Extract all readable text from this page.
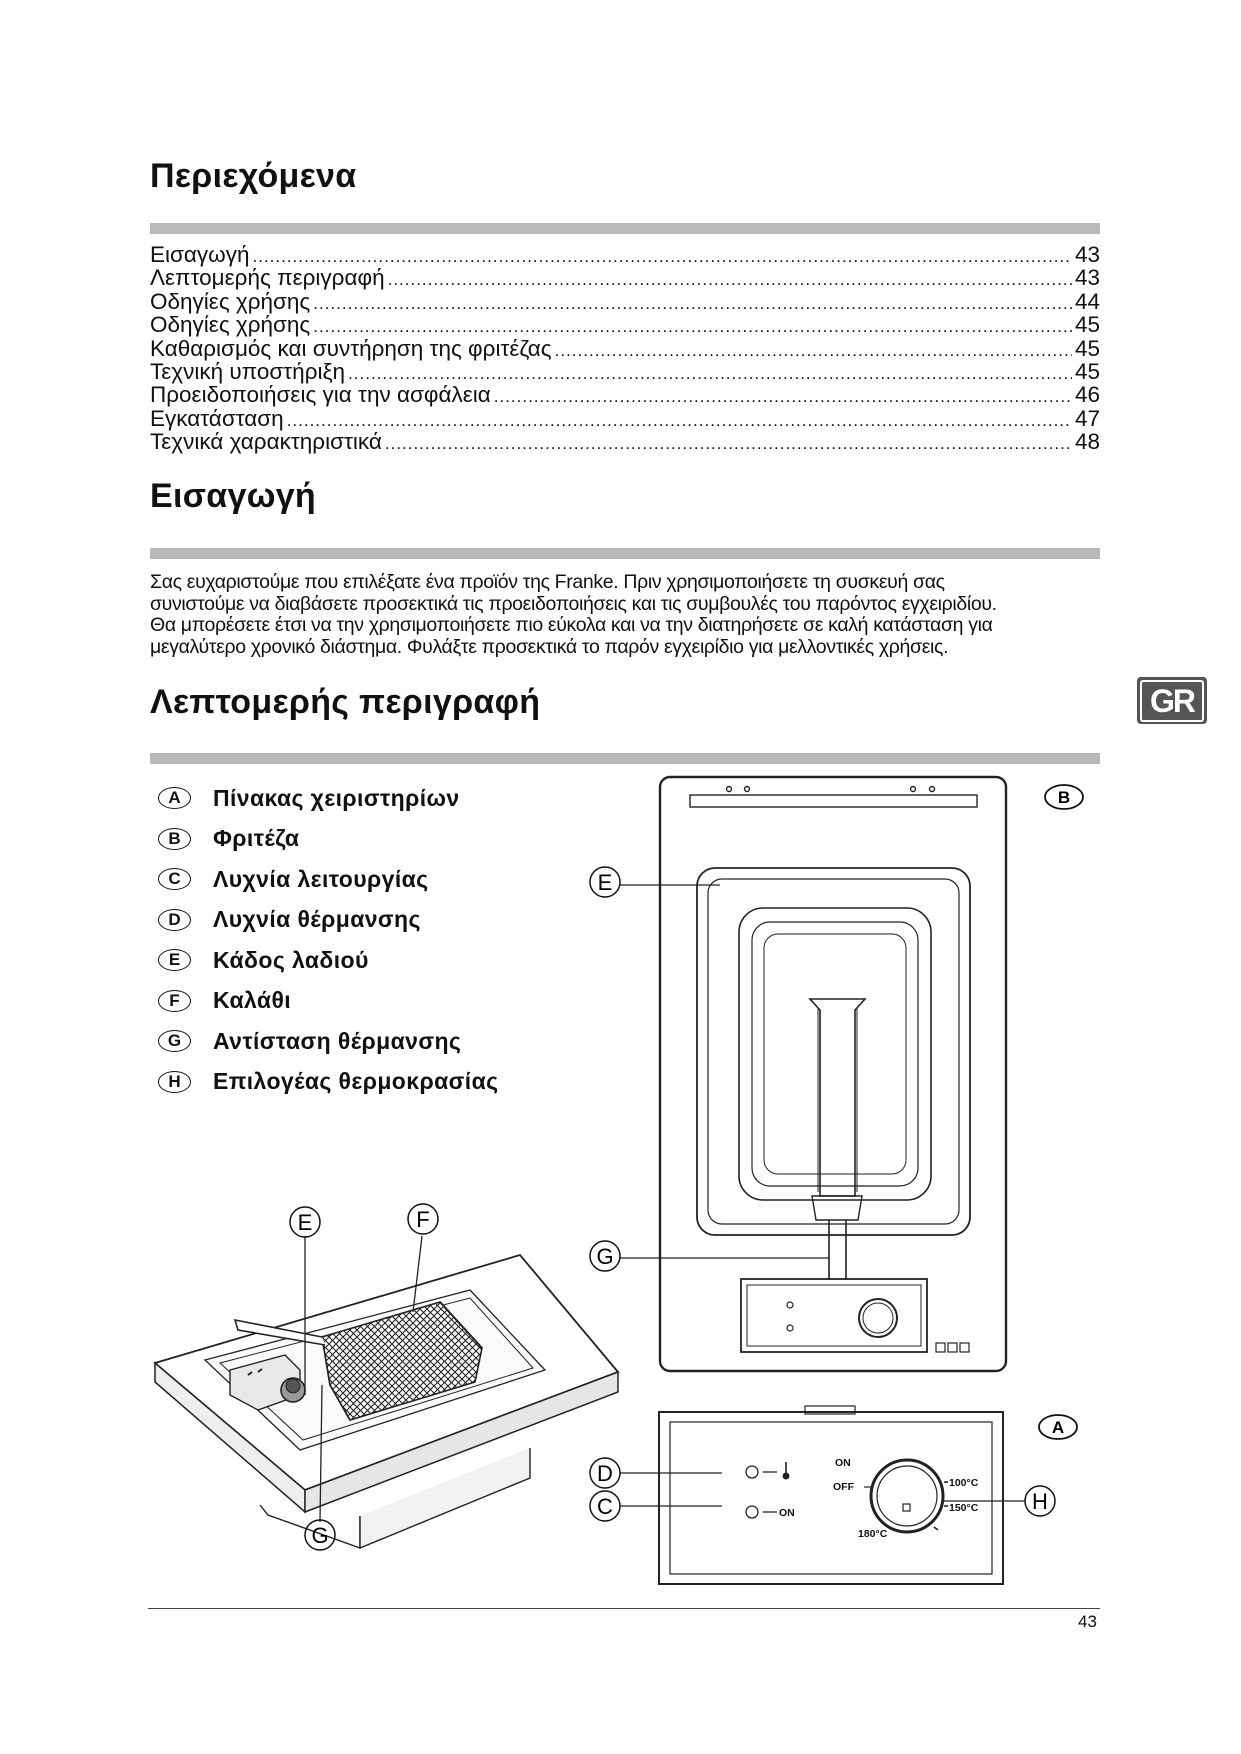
Περιεχόμενα
Εισαγωγή .....	43
Λεπτομερής περιγραφή .....	43
Οδηγίες χρήσης .....	44
Οδηγίες χρήσης .....	45
Καθαρισμός και συντήρηση της φριτέζας .....	45
Τεχνική υποστήριξη .....	45
Προειδοποιήσεις για την ασφάλεια .....	46
Εγκατάσταση .....	47
Τεχνικά χαρακτηριστικά .....	48
Εισαγωγή

Σας ευχαριστούμε που επιλέξατε ένα προϊόν της Franke. Πριν χρησιμοποιήσετε τη συσκευή σας

συνιστούμε να διαβάσετε προσεκτικά τις προειδοποιήσεις και τις συμβουλές του παρόντος εγχειριδίου.

Θα μπορέσετε έτσι να την χρησιμοποιήσετε πιο εύκολα και να την διατηρήσετε σε καλή κατάσταση για

μεγαλύτερο χρονικό διάστημα. Φυλάξτε προσεκτικά το παρόν εγχειρίδιο για μελλοντικές χρήσεις.

GR
Λεπτομερής περιγραφή
A	Πίνακας χειριστηρίων
B	Φριτέζα
C	Λυχνία λειτουργίας
D	Λυχνία θέρμανσης
E	Κάδος λαδιού
F	Καλάθι
G	Αντίσταση θέρμανσης
H	Επιλογέας θερμοκρασίας
B
E
G
E	F
G
ON
OFF	100°C
150°C
180°C
ON
A
D
C	H
43
